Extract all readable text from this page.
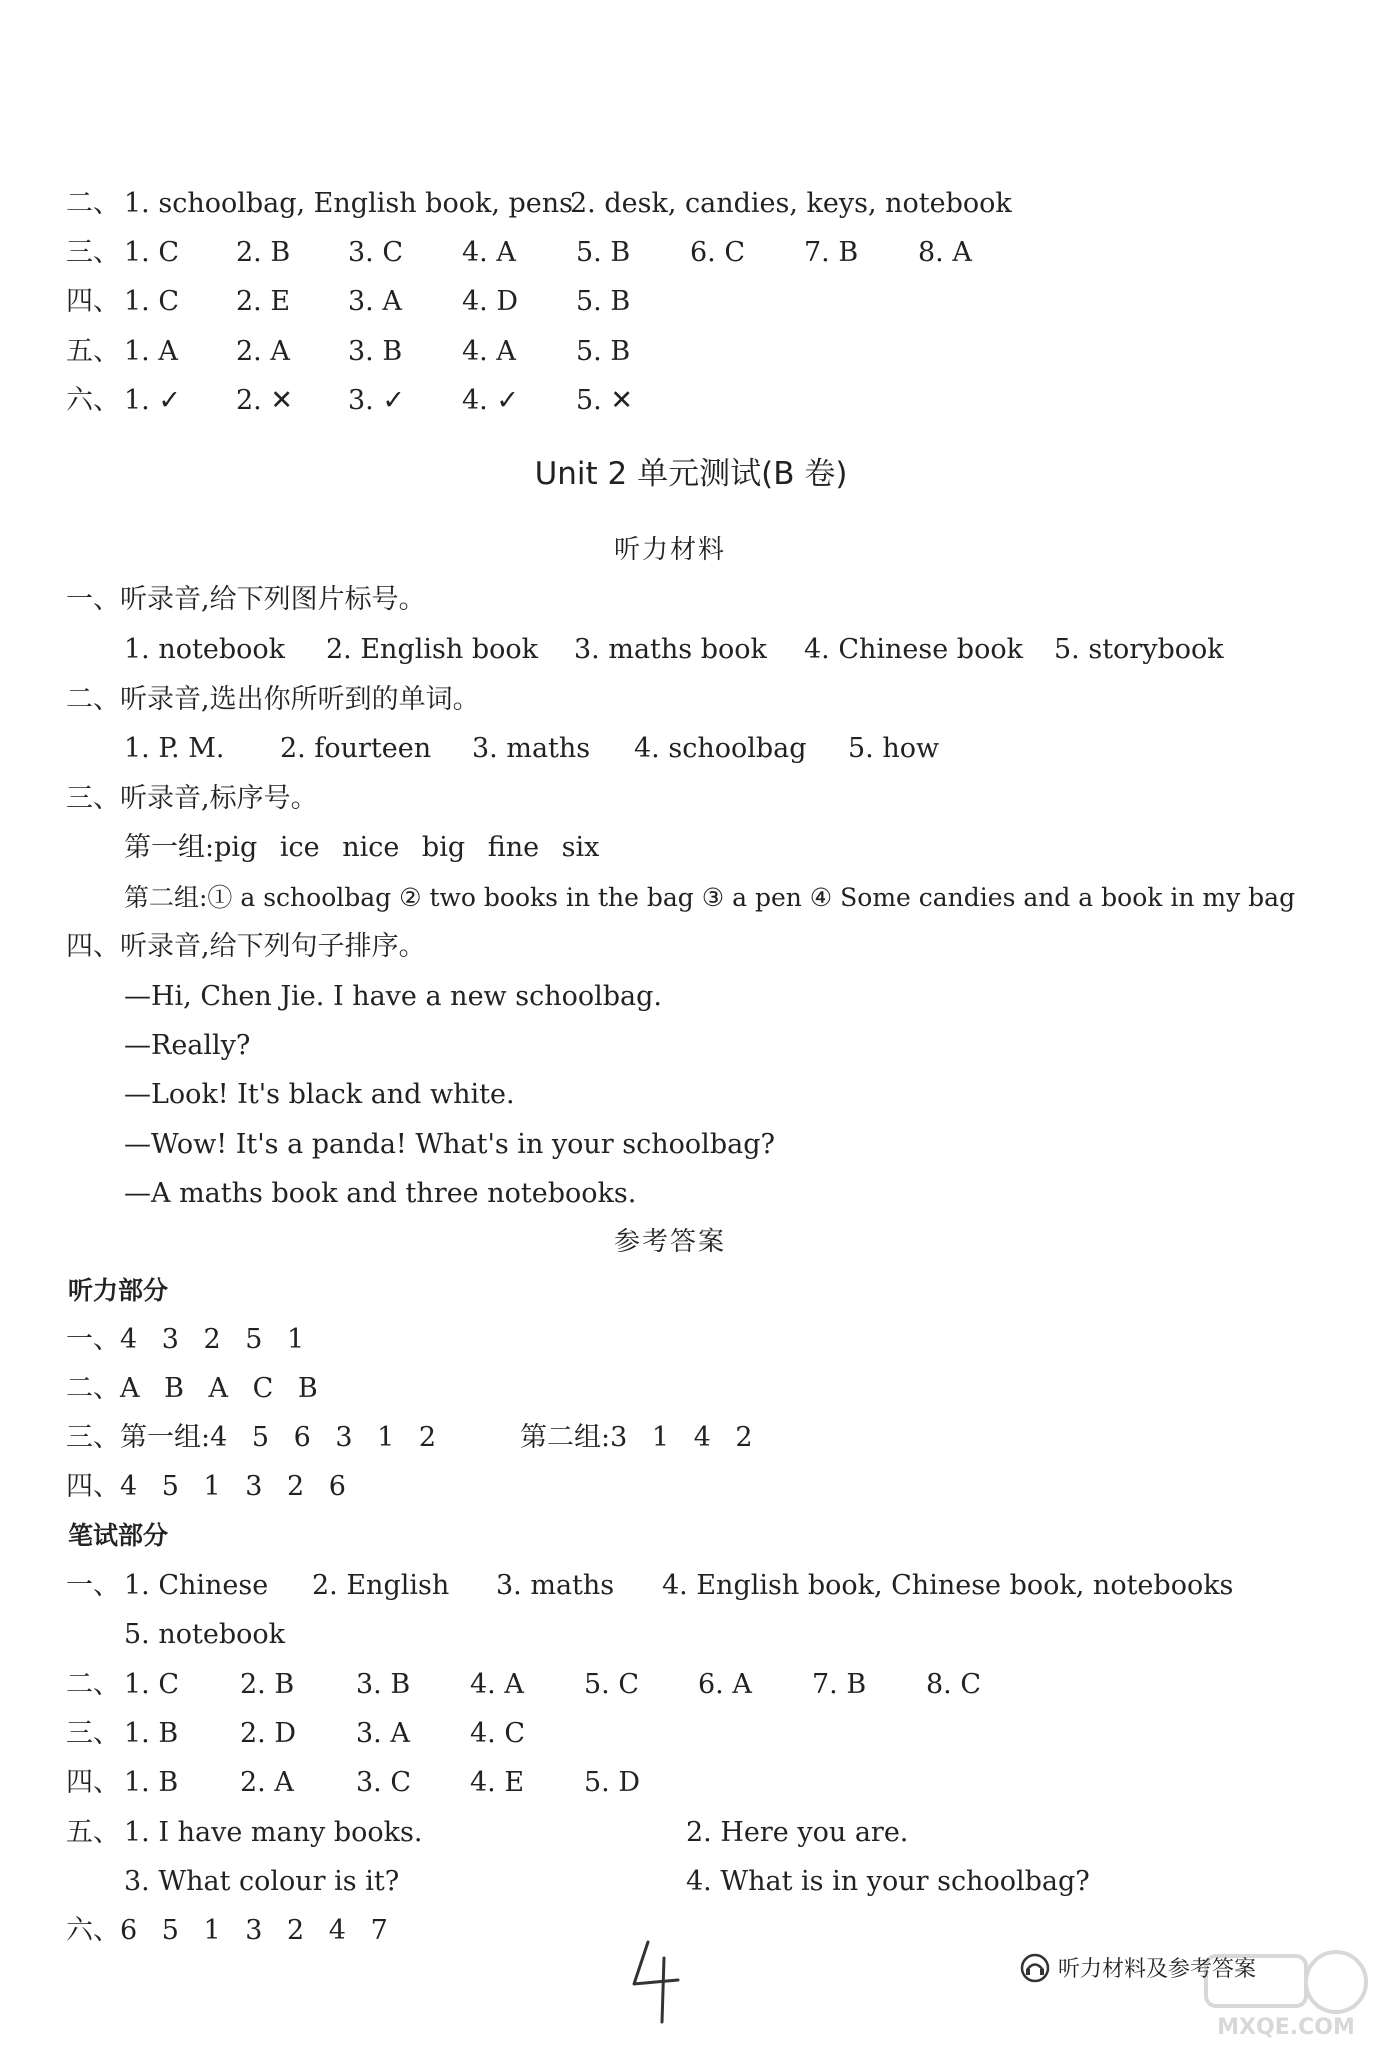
二、 1. schoolbag, English book, pens
2. desk, candies, keys, notebook
三、 1. C 2. B 3. C 4. A 5. B 6. C 7. B 8. A
四、 1. C 2. E 3. A 4. D 5. B
五、 1. A 2. A 3. B 4. A 5. B
六、 1. ✓ 2. ✕ 3. ✓ 4. ✓ 5. ✕
Unit 2 单元测试(B 卷)
听力材料
一、听录音,给下列图片标号。
1. notebook 2. English book 3. maths book 4. Chinese book 5. storybook
二、听录音,选出你所听到的单词。
1. P. M. 2. fourteen 3. maths 4. schoolbag 5. how
三、听录音,标序号。
第一组:pig ice nice big fine six
第二组:① a schoolbag ② two books in the bag ③ a pen ④ Some candies and a book in my bag
四、听录音,给下列句子排序。
—Hi, Chen Jie. I have a new schoolbag.
—Really?
—Look! It's black and white.
—Wow! It's a panda! What's in your schoolbag?
—A maths book and three notebooks.
参考答案
听力部分
一、4 3 2 5 1
二、A B A C B
三、第一组:4 5 6 3 1 2	第二组:3 1 4 2
四、4 5 1 3 2 6
笔试部分
一、 1. Chinese 2. English 3. maths 4. English book, Chinese book, notebooks
5. notebook
二、 1. C 2. B 3. B 4. A 5. C 6. A 7. B 8. C
三、 1. B 2. D 3. A 4. C
四、 1. B 2. A 3. C 4. E 5. D
五、 1. I have many books.	2. Here you are.
3. What colour is it?	4. What is in your schoolbag?
六、6 5 1 3 2 4 7
听力材料及参考答案
MXQE.COM
